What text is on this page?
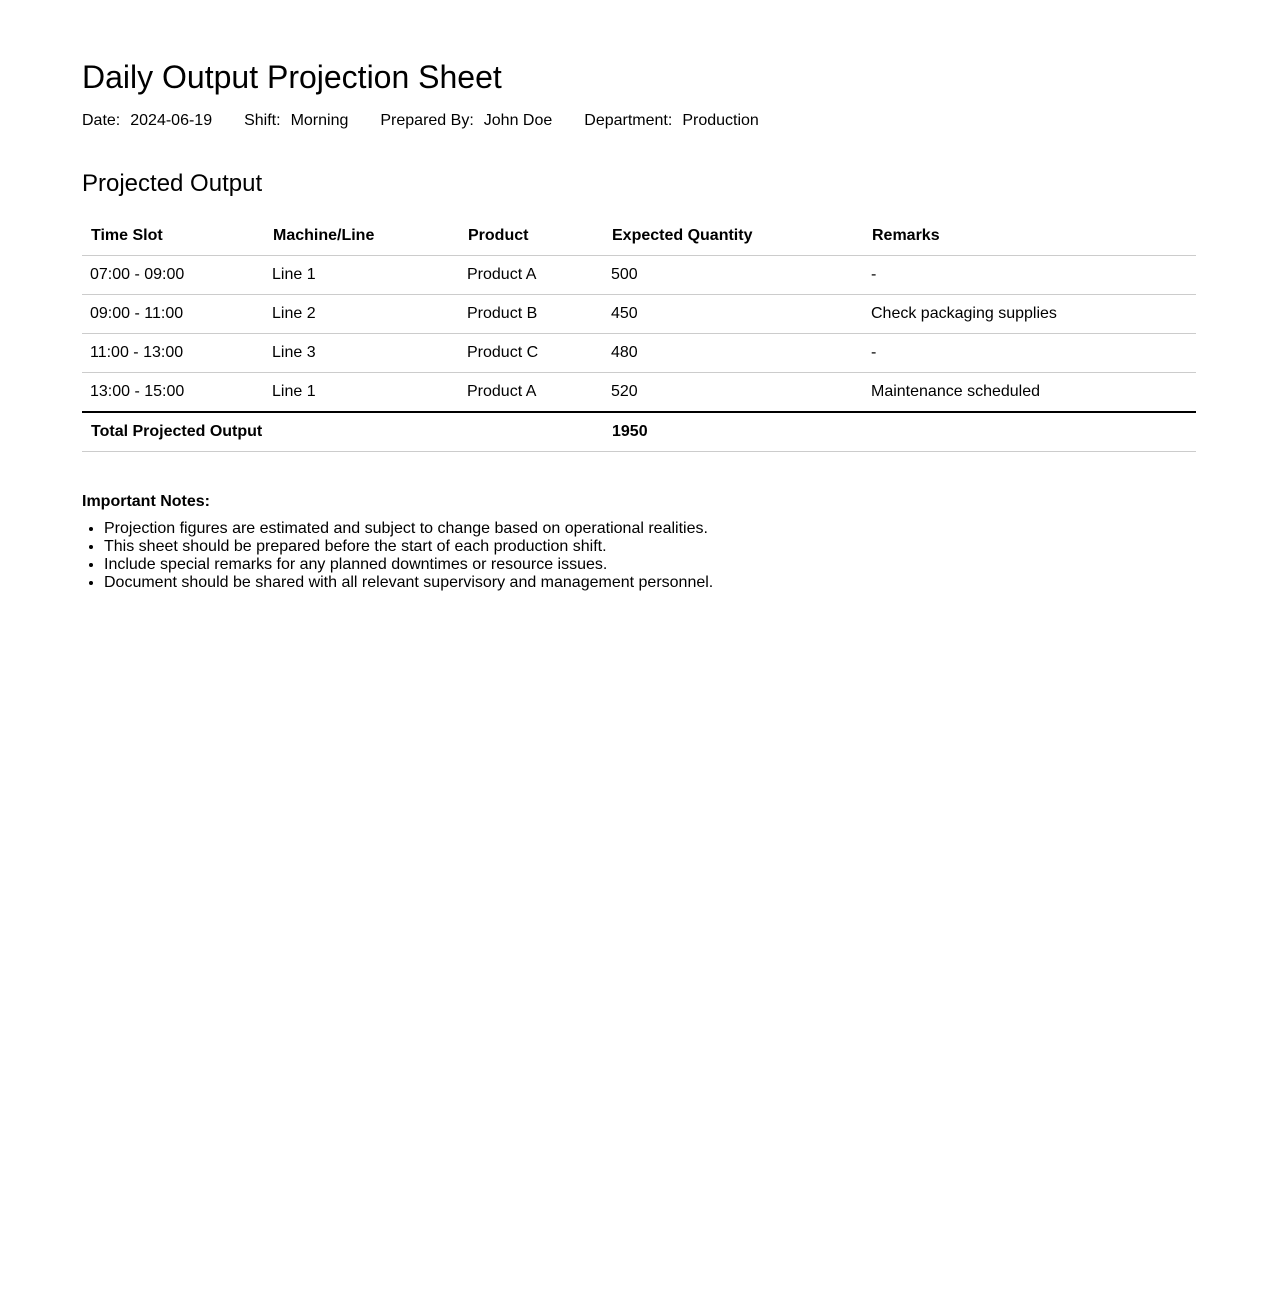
Daily Output Projection Sheet
Date: 2024-06-19 Shift: Morning Prepared By: John Doe Department: Production
Projected Output
Time Slot	Machine/Line	Product	Expected Quantity	Remarks
07:00 - 09:00	Line 1	Product A	500	-
09:00 - 11:00	Line 2	Product B	450	Check packaging supplies
11:00 - 13:00	Line 3	Product C	480	-
13:00 - 15:00	Line 1	Product A	520	Maintenance scheduled
Total Projected Output			1950	
Important Notes:
• Projection figures are estimated and subject to change based on operational realities.
• This sheet should be prepared before the start of each production shift.
• Include special remarks for any planned downtimes or resource issues.
• Document should be shared with all relevant supervisory and management personnel.
